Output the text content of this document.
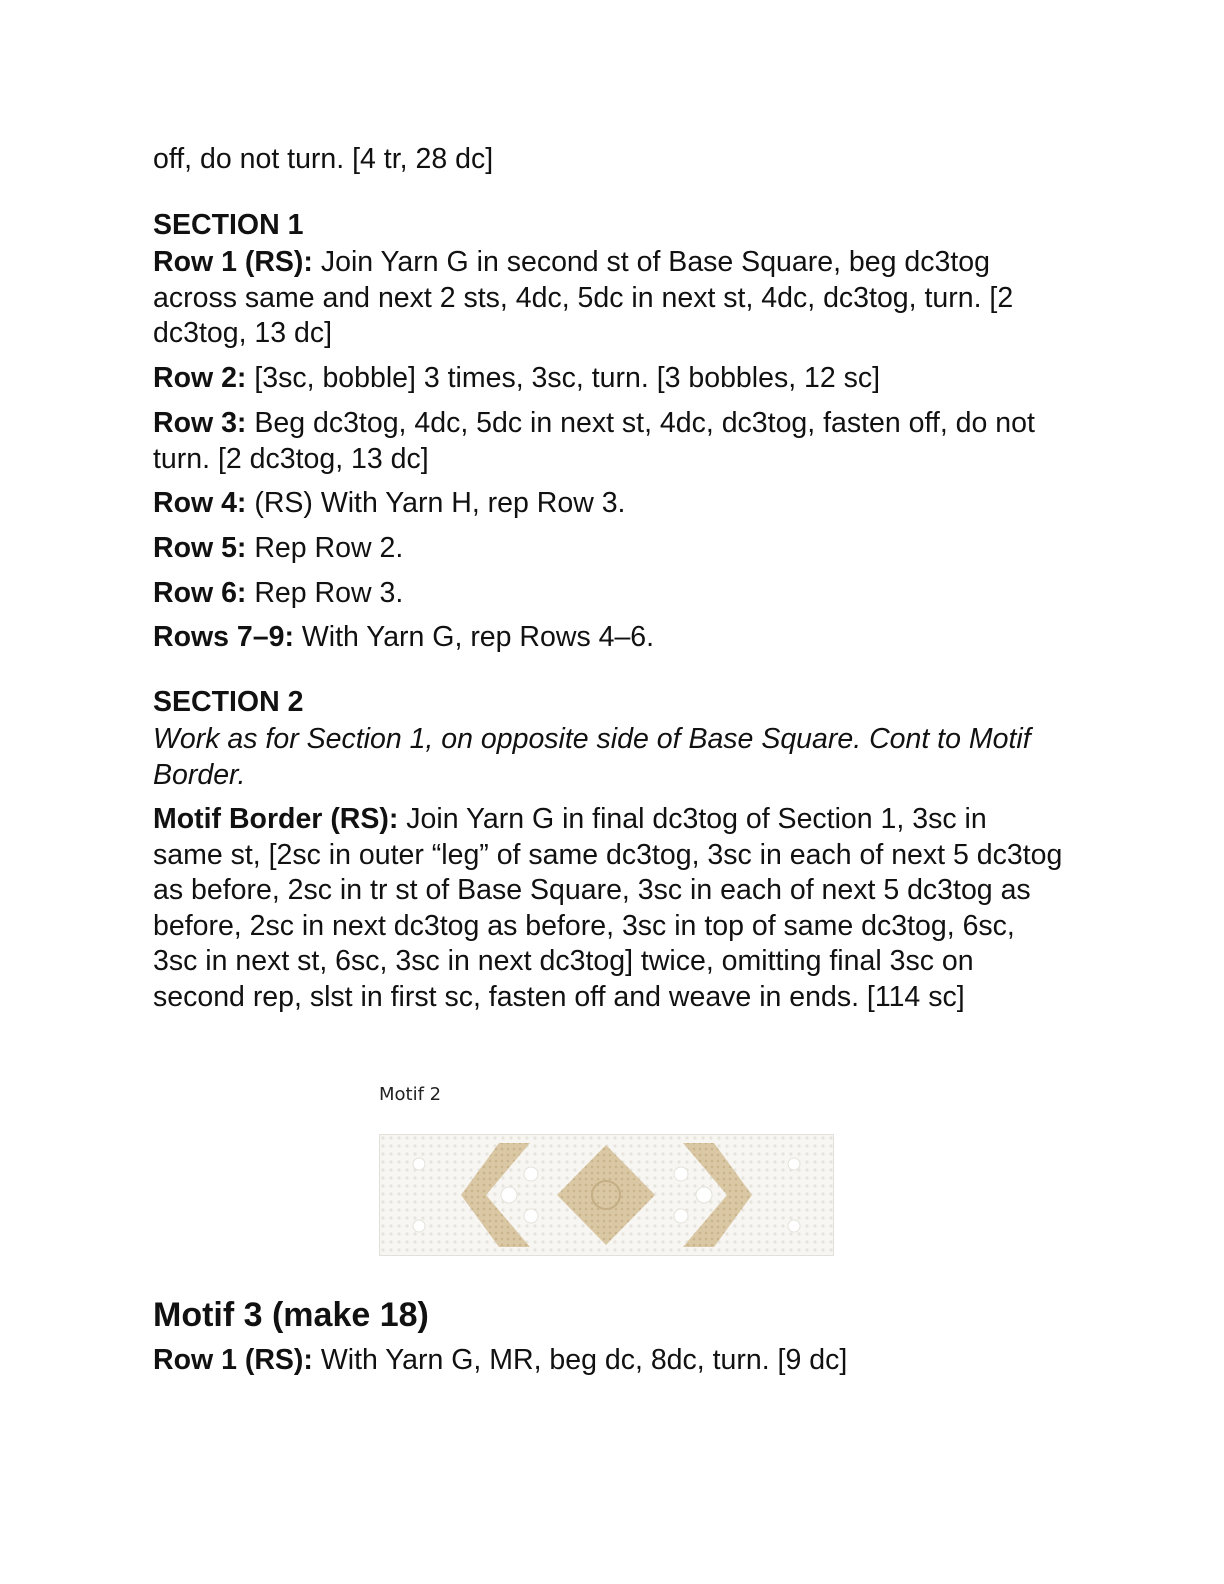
off, do not turn. [4 tr, 28 dc]

SECTION 1

Row 1 (RS): Join Yarn G in second st of Base Square, beg dc3tog across same and next 2 sts, 4dc, 5dc in next st, 4dc, dc3tog, turn. [2 dc3tog, 13 dc]

Row 2: [3sc, bobble] 3 times, 3sc, turn. [3 bobbles, 12 sc]

Row 3: Beg dc3tog, 4dc, 5dc in next st, 4dc, dc3tog, fasten off, do not turn. [2 dc3tog, 13 dc]

Row 4: (RS) With Yarn H, rep Row 3.

Row 5: Rep Row 2.

Row 6: Rep Row 3.

Rows 7–9: With Yarn G, rep Rows 4–6.

SECTION 2

Work as for Section 1, on opposite side of Base Square. Cont to Motif Border.

Motif Border (RS): Join Yarn G in final dc3tog of Section 1, 3sc in same st, [2sc in outer “leg” of same dc3tog, 3sc in each of next 5 dc3tog as before, 2sc in tr st of Base Square, 3sc in each of next 5 dc3tog as before, 2sc in next dc3tog as before, 3sc in top of same dc3tog, 6sc, 3sc in next st, 6sc, 3sc in next dc3tog] twice, omitting final 3sc on second rep, slst in first sc, fasten off and weave in ends. [114 sc]

Motif 2
Motif 3 (make 18)

Row 1 (RS): With Yarn G, MR, beg dc, 8dc, turn. [9 dc]
